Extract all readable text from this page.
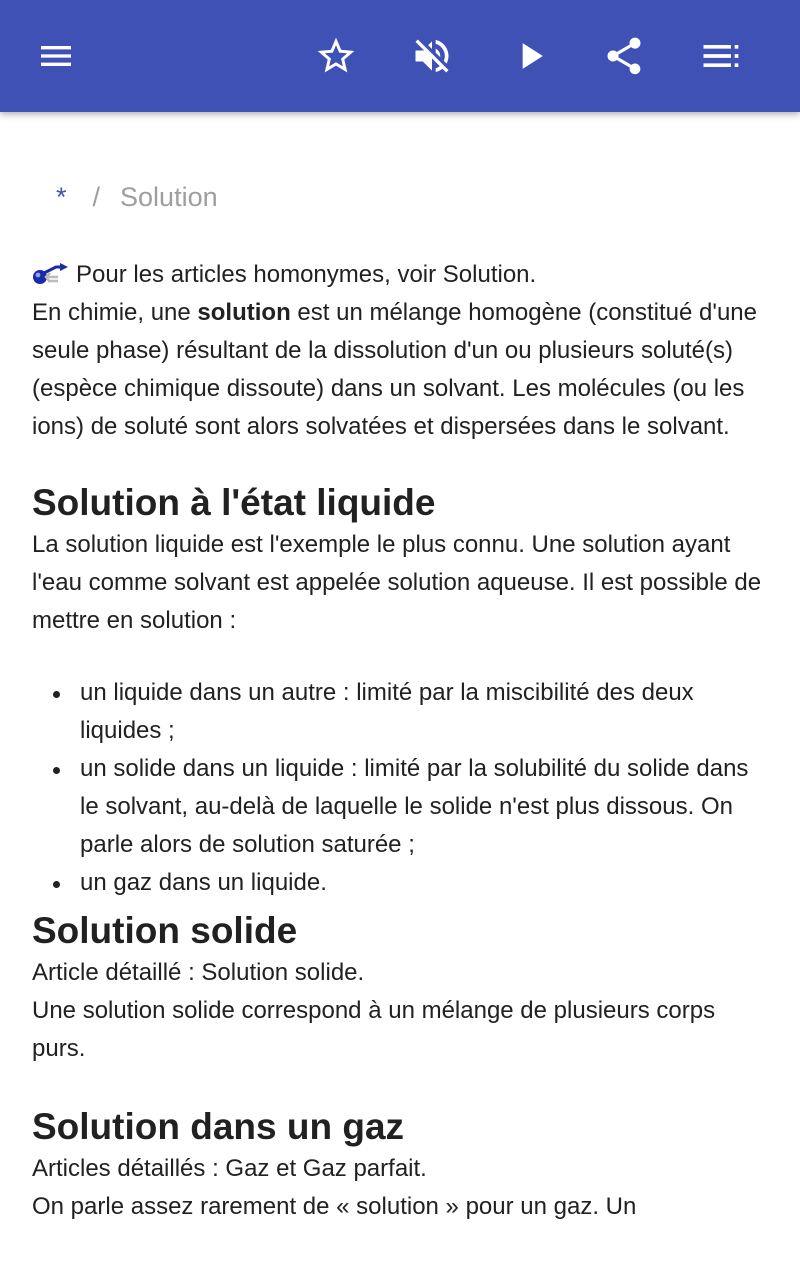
* / Solution

Pour les articles homonymes, voir Solution.

En chimie, une solution est un mélange homogène (constitué d'une seule phase) résultant de la dissolution d'un ou plusieurs soluté(s) (espèce chimique dissoute) dans un solvant. Les molécules (ou les ions) de soluté sont alors solvatées et dispersées dans le solvant.

Solution à l'état liquide

La solution liquide est l'exemple le plus connu. Une solution ayant l'eau comme solvant est appelée solution aqueuse. Il est possible de mettre en solution :

un liquide dans un autre : limité par la miscibilité des deux liquides ;
un solide dans un liquide : limité par la solubilité du solide dans le solvant, au-delà de laquelle le solide n'est plus dissous. On parle alors de solution saturée ;
un gaz dans un liquide.
Solution solide

Article détaillé : Solution solide.

Une solution solide correspond à un mélange de plusieurs corps purs.

Solution dans un gaz

Articles détaillés : Gaz et Gaz parfait.

On parle assez rarement de « solution » pour un gaz. Un
